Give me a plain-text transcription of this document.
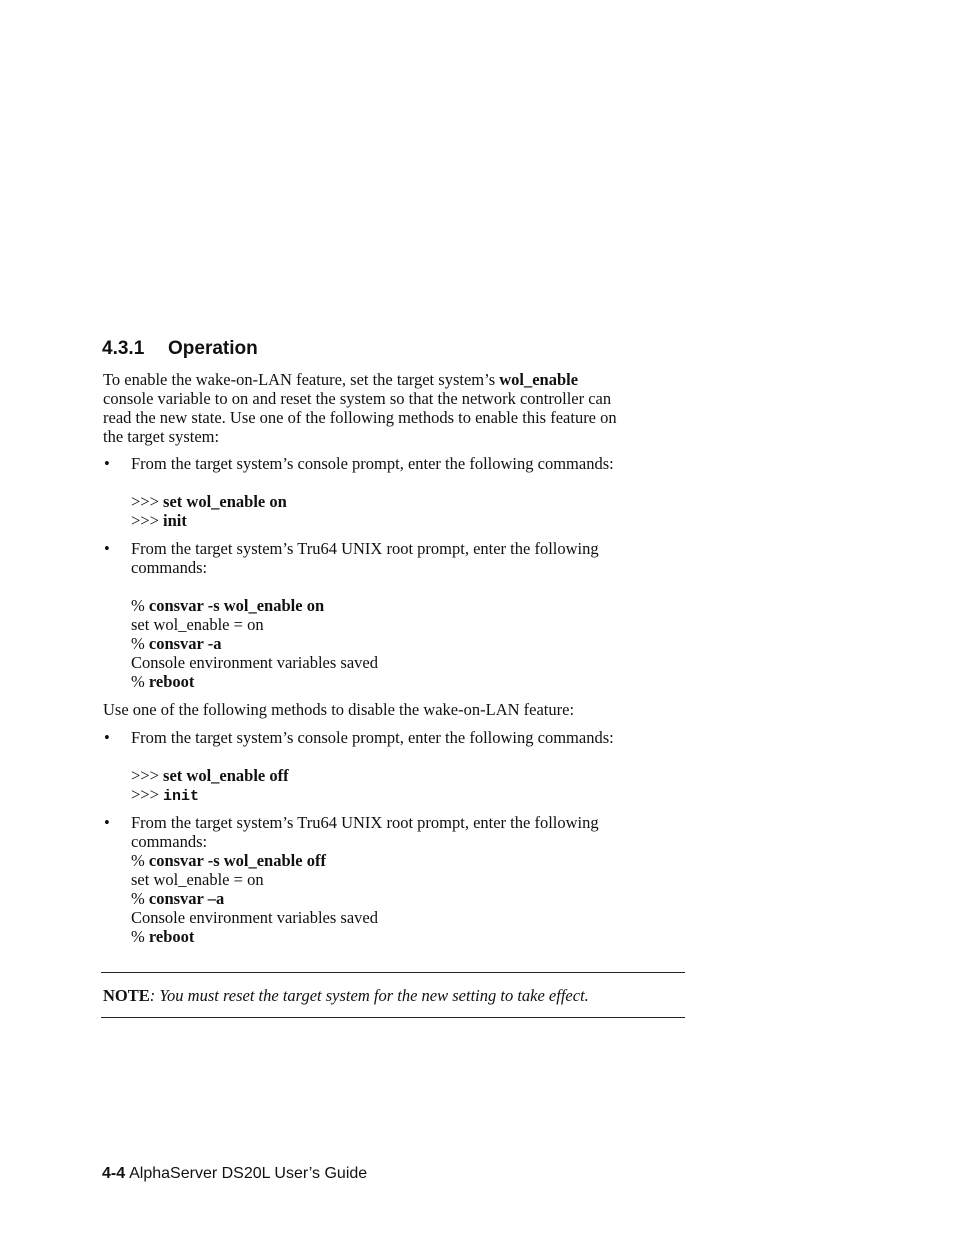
4.3.1 Operation
To enable the wake-on-LAN feature, set the target system’s wol_enable
console variable to on and reset the system so that the network controller can
read the new state. Use one of the following methods to enable this feature on
the target system:
• From the target system’s console prompt, enter the following commands:
>>> set wol_enable on
>>> init
• From the target system’s Tru64 UNIX root prompt, enter the following
commands:
% consvar -s wol_enable on
set wol_enable = on
% consvar -a
Console environment variables saved
% reboot
Use one of the following methods to disable the wake-on-LAN feature:
• From the target system’s console prompt, enter the following commands:
>>> set wol_enable off
>>> init
• From the target system’s Tru64 UNIX root prompt, enter the following
commands:
% consvar -s wol_enable off
set wol_enable = on
% consvar –a
Console environment variables saved
% reboot
NOTE: You must reset the target system for the new setting to take effect.
4-4 AlphaServer DS20L User’s Guide
